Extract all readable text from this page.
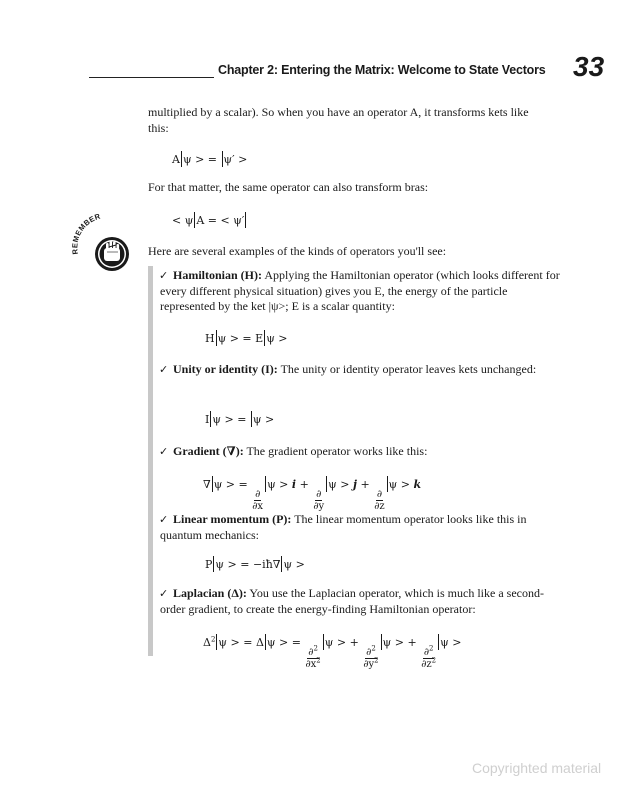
Chapter 2: Entering the Matrix: Welcome to State Vectors 33

multiplied by a scalar). So when you have an operator A, it transforms kets like this:

A ψ > = ψ′ >

For that matter, the same operator can also transform bras:

< ψ A = < ψ′
REMEMBER

Here are several examples of the kinds of operators you'll see:

✓ Hamiltonian (H): Applying the Hamiltonian operator (which looks different for every different physical situation) gives you E, the energy of the particle represented by the ket |ψ>; E is a scalar quantity:
H ψ > = E ψ >
✓ Unity or identity (I): The unity or identity operator leaves kets unchanged:
I ψ > = ψ >
✓ Gradient (∇): The gradient operator works like this:
∇ ψ > =
$\frac{\partial}{\partial x}$
ψ > i +
$\frac{\partial}{\partial y}$
ψ > j +
$\frac{\partial}{\partial z}$
ψ > k
✓ Linear momentum (P): The linear momentum operator looks like this in quantum mechanics:
P ψ > = −iħ∇ ψ >
✓ Laplacian (Δ): You use the Laplacian operator, which is much like a second-order gradient, to create the energy-finding Hamiltonian operator:
$\Delta^2$ ψ > = Δ ψ > =
$\frac{\partial^2}{\partial x^2}$
ψ > +
$\frac{\partial^2}{\partial y^2}$
ψ > +
$\frac{\partial^2}{\partial z^2}$
ψ >
Copyrighted material
